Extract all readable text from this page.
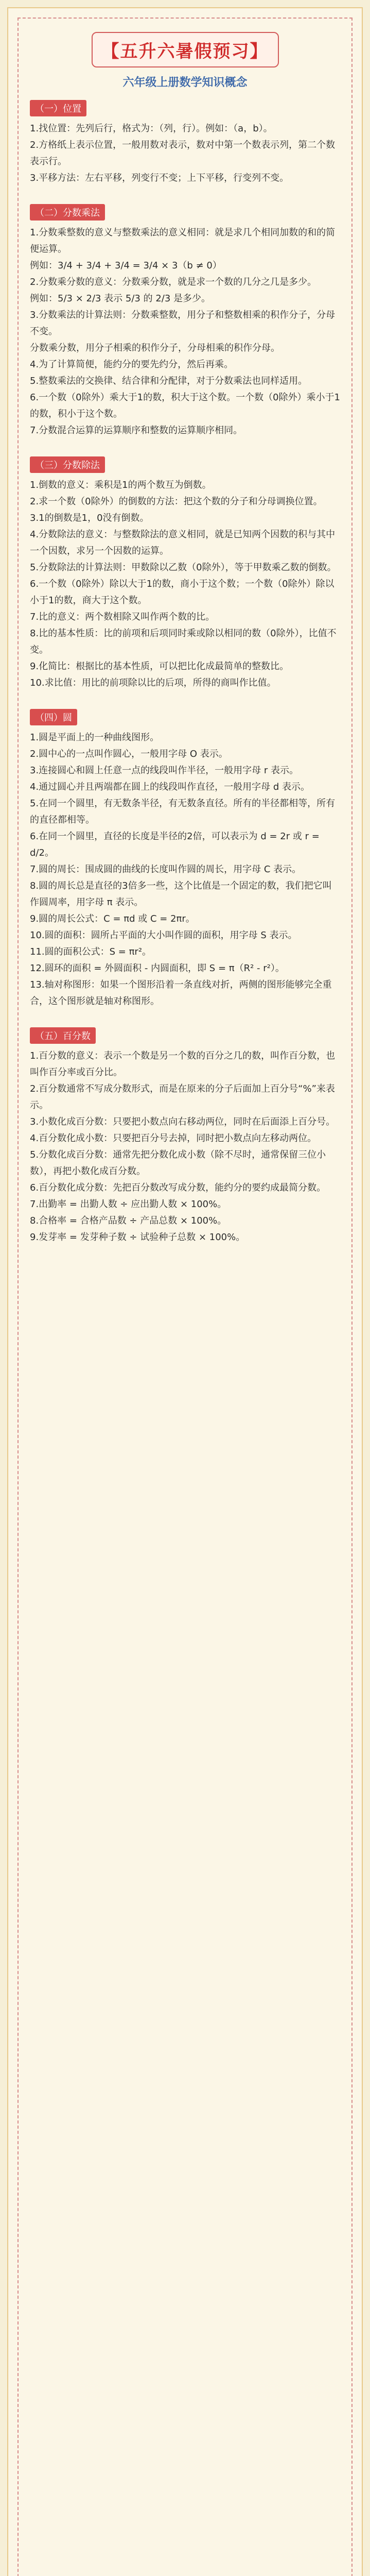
【五升六暑假预习】

六年级上册数学知识概念

（一）位置

1.找位置：先列后行，格式为：（列，行）。例如：（a，b）。

2.方格纸上表示位置，一般用数对表示，数对中第一个数表示列，第二个数表示行。

3.平移方法：左右平移，列变行不变；上下平移，行变列不变。

（二）分数乘法

1.分数乘整数的意义与整数乘法的意义相同：就是求几个相同加数的和的简便运算。

例如：3/4 + 3/4 + 3/4 = 3/4 × 3（b ≠ 0）

2.分数乘分数的意义：分数乘分数，就是求一个数的几分之几是多少。

例如：5/3 × 2/3 表示 5/3 的 2/3 是多少。

3.分数乘法的计算法则：分数乘整数，用分子和整数相乘的积作分子，分母不变。

分数乘分数，用分子相乘的积作分子，分母相乘的积作分母。

4.为了计算简便，能约分的要先约分，然后再乘。

5.整数乘法的交换律、结合律和分配律，对于分数乘法也同样适用。

6.一个数（0除外）乘大于1的数，积大于这个数。一个数（0除外）乘小于1的数，积小于这个数。

7.分数混合运算的运算顺序和整数的运算顺序相同。

（三）分数除法

1.倒数的意义：乘积是1的两个数互为倒数。

2.求一个数（0除外）的倒数的方法：把这个数的分子和分母调换位置。

3.1的倒数是1，0没有倒数。

4.分数除法的意义：与整数除法的意义相同，就是已知两个因数的积与其中一个因数，求另一个因数的运算。

5.分数除法的计算法则：甲数除以乙数（0除外），等于甲数乘乙数的倒数。

6.一个数（0除外）除以大于1的数，商小于这个数；一个数（0除外）除以小于1的数，商大于这个数。

7.比的意义：两个数相除又叫作两个数的比。

8.比的基本性质：比的前项和后项同时乘或除以相同的数（0除外），比值不变。

9.化简比：根据比的基本性质，可以把比化成最简单的整数比。

10.求比值：用比的前项除以比的后项，所得的商叫作比值。

（四）圆

1.圆是平面上的一种曲线图形。

2.圆中心的一点叫作圆心，一般用字母 O 表示。

3.连接圆心和圆上任意一点的线段叫作半径，一般用字母 r 表示。

4.通过圆心并且两端都在圆上的线段叫作直径，一般用字母 d 表示。

5.在同一个圆里，有无数条半径，有无数条直径。所有的半径都相等，所有的直径都相等。

6.在同一个圆里，直径的长度是半径的2倍，可以表示为 d = 2r 或 r = d/2。

7.圆的周长：围成圆的曲线的长度叫作圆的周长，用字母 C 表示。

8.圆的周长总是直径的3倍多一些，这个比值是一个固定的数，我们把它叫作圆周率，用字母 π 表示。

9.圆的周长公式：C = πd 或 C = 2πr。

10.圆的面积：圆所占平面的大小叫作圆的面积，用字母 S 表示。

11.圆的面积公式：S = πr²。

12.圆环的面积 = 外圆面积 - 内圆面积，即 S = π（R² - r²）。

13.轴对称图形：如果一个图形沿着一条直线对折，两侧的图形能够完全重合，这个图形就是轴对称图形。

（五）百分数

1.百分数的意义：表示一个数是另一个数的百分之几的数，叫作百分数，也叫作百分率或百分比。

2.百分数通常不写成分数形式，而是在原来的分子后面加上百分号“%”来表示。

3.小数化成百分数：只要把小数点向右移动两位，同时在后面添上百分号。

4.百分数化成小数：只要把百分号去掉，同时把小数点向左移动两位。

5.分数化成百分数：通常先把分数化成小数（除不尽时，通常保留三位小数），再把小数化成百分数。

6.百分数化成分数：先把百分数改写成分数，能约分的要约成最简分数。

7.出勤率 = 出勤人数 ÷ 应出勤人数 × 100%。

8.合格率 = 合格产品数 ÷ 产品总数 × 100%。

9.发芽率 = 发芽种子数 ÷ 试验种子总数 × 100%。
